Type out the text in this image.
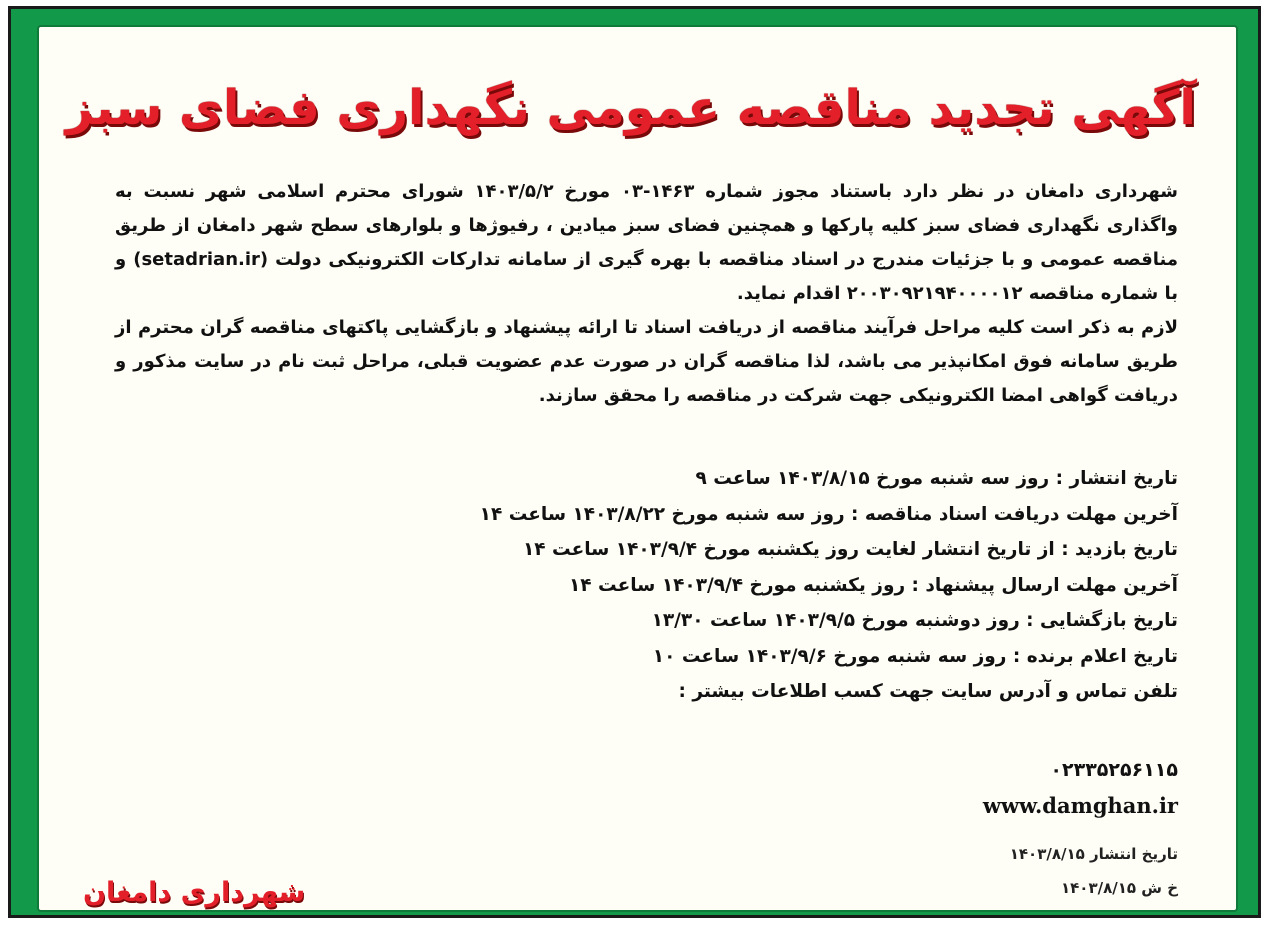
آگهی تجدید مناقصه عمومی نگهداری فضای سبز

شهرداری دامغان در نظر دارد باستناد مجوز شماره ۱۴۶۳-۰۳ مورخ ۱۴۰۳/۵/۲ شورای محترم اسلامی شهر نسبت به واگذاری نگهداری فضای سبز کلیه پارکها و همچنین فضای سبز میادین ، رفیوژها و بلوارهای سطح شهر دامغان از طریق مناقصه عمومی و با جزئیات مندرج در اسناد مناقصه با بهره گیری از سامانه تدارکات الکترونیکی دولت (setadrian.ir) و با شماره مناقصه ۲۰۰۳۰۹۲۱۹۴۰۰۰۰۱۲ اقدام نماید.
لازم به ذکر است کلیه مراحل فرآیند مناقصه از دریافت اسناد تا ارائه پیشنهاد و بازگشایی پاکتهای مناقصه گران محترم از طریق سامانه فوق امکانپذیر می باشد، لذا مناقصه گران در صورت عدم عضویت قبلی، مراحل ثبت نام در سایت مذکور و دریافت گواهی امضا الکترونیکی جهت شرکت در مناقصه را محقق سازند.

تاریخ انتشار : روز سه شنبه مورخ ۱۴۰۳/۸/۱۵ ساعت ۹
آخرین مهلت دریافت اسناد مناقصه : روز سه شنبه مورخ ۱۴۰۳/۸/۲۲ ساعت ۱۴
تاریخ بازدید : از تاریخ انتشار لغایت روز یکشنبه مورخ ۱۴۰۳/۹/۴ ساعت ۱۴
آخرین مهلت ارسال پیشنهاد : روز یکشنبه مورخ ۱۴۰۳/۹/۴ ساعت ۱۴
تاریخ بازگشایی : روز دوشنبه مورخ ۱۴۰۳/۹/۵ ساعت ۱۳/۳۰
تاریخ اعلام برنده : روز سه شنبه مورخ ۱۴۰۳/۹/۶ ساعت ۱۰
تلفن تماس و آدرس سایت جهت کسب اطلاعات بیشتر :

۰۲۳۳۵۲۵۶۱۱۵

www.damghan.ir

تاریخ انتشار ۱۴۰۳/۸/۱۵

خ ش ۱۴۰۳/۸/۱۵

شهرداری دامغان
